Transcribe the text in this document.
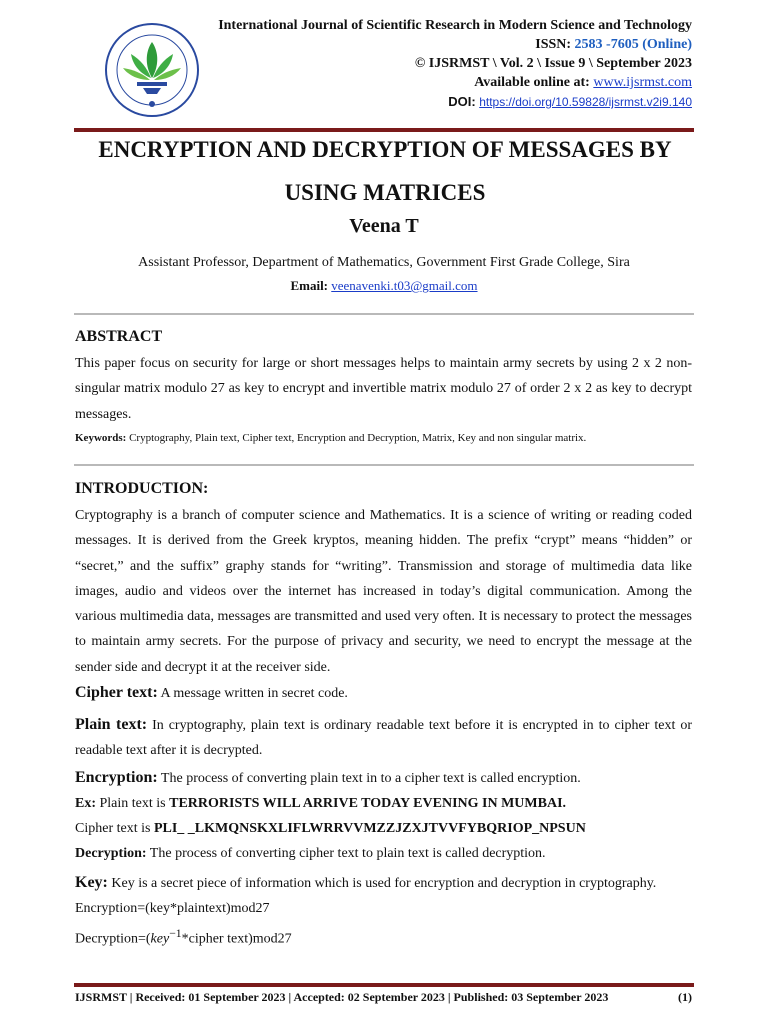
International Journal of Scientific Research in Modern Science and Technology
ISSN: 2583 -7605 (Online)
© IJSRMST \ Vol. 2 \ Issue 9 \ September 2023
Available online at: www.ijsrmst.com
DOI: https://doi.org/10.59828/ijsrmst.v2i9.140
ENCRYPTION AND DECRYPTION OF MESSAGES BY USING MATRICES
Veena T
Assistant Professor, Department of Mathematics, Government First Grade College, Sira
Email: veenavenki.t03@gmail.com
ABSTRACT

This paper focus on security for large or short messages helps to maintain army secrets by using 2 x 2 non-singular matrix modulo 27 as key to encrypt and invertible matrix modulo 27 of order 2 x 2 as key to decrypt messages.

Keywords: Cryptography, Plain text, Cipher text, Encryption and Decryption, Matrix, Key and non singular matrix.
INTRODUCTION:

Cryptography is a branch of computer science and Mathematics. It is a science of writing or reading coded messages. It is derived from the Greek kryptos, meaning hidden. The prefix “crypt” means “hidden” or “secret,” and the suffix” graphy stands for “writing”. Transmission and storage of multimedia data like images, audio and videos over the internet has increased in today’s digital communication. Among the various multimedia data, messages are transmitted and used very often. It is necessary to protect the messages to maintain army secrets. For the purpose of privacy and security, we need to encrypt the message at the sender side and decrypt it at the receiver side.

Cipher text: A message written in secret code.
Plain text: In cryptography, plain text is ordinary readable text before it is encrypted in to cipher text or readable text after it is decrypted.
Encryption: The process of converting plain text in to a cipher text is called encryption.
Ex: Plain text is TERRORISTS WILL ARRIVE TODAY EVENING IN MUMBAI.
Cipher text is PLI_ _LKMQNSKXLIFLWRRVVMZZJZXJTVVFYBQRIOP_NPSUN
Decryption: The process of converting cipher text to plain text is called decryption.
Key: Key is a secret piece of information which is used for encryption and decryption in cryptography.
Encryption=(key*plaintext)mod27
Decryption=(key$^{-1}$*cipher text)mod27
IJSRMST | Received: 01 September 2023 | Accepted: 02 September 2023 | Published: 03 September 2023	(1)
